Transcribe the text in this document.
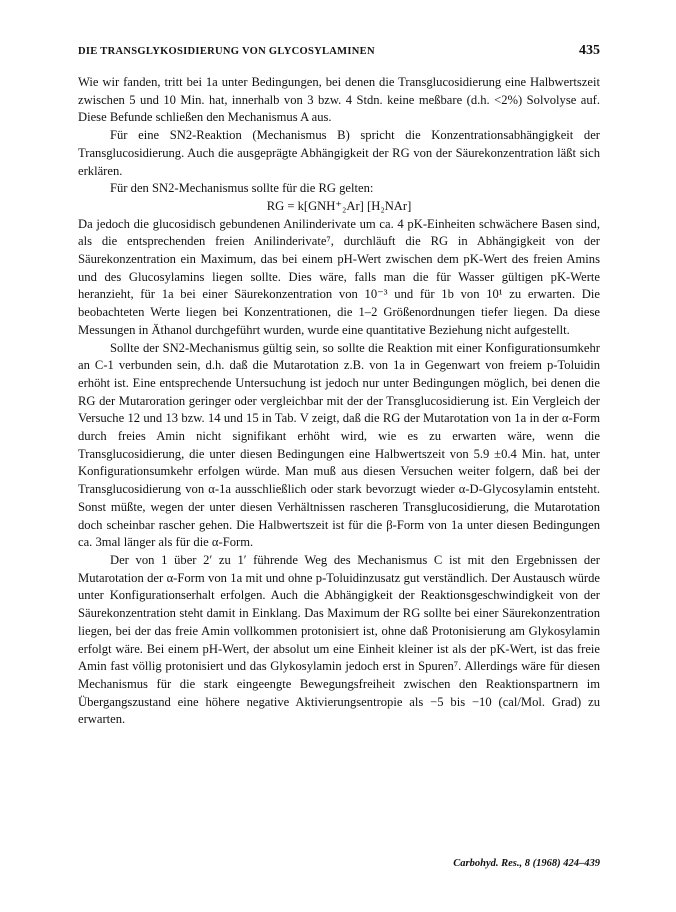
DIE TRANSGLYKOSIDIERUNG VON GLYCOSYLAMINEN	435

Wie wir fanden, tritt bei 1a unter Bedingungen, bei denen die Transglucosidierung eine Halbwertszeit zwischen 5 und 10 Min. hat, innerhalb von 3 bzw. 4 Stdn. keine meßbare (d.h. <2%) Solvolyse auf. Diese Befunde schließen den Mechanismus A aus.

Für eine SN2-Reaktion (Mechanismus B) spricht die Konzentrationsabhängigkeit der Transglucosidierung. Auch die ausgeprägte Abhängigkeit der RG von der Säurekonzentration läßt sich erklären.

Für den SN2-Mechanismus sollte für die RG gelten:

RG = k[GNH⁺₂Ar] [H₂NAr]

Da jedoch die glucosidisch gebundenen Anilinderivate um ca. 4 pK-Einheiten schwächere Basen sind, als die entsprechenden freien Anilinderivate⁷, durchläuft die RG in Abhängigkeit von der Säurekonzentration ein Maximum, das bei einem pH-Wert zwischen dem pK-Wert des freien Amins und des Glucosylamins liegen sollte. Dies wäre, falls man die für Wasser gültigen pK-Werte heranzieht, für 1a bei einer Säurekonzentration von 10⁻³ und für 1b von 10¹ zu erwarten. Die beobachteten Werte liegen bei Konzentrationen, die 1–2 Größenordnungen tiefer liegen. Da diese Messungen in Äthanol durchgeführt wurden, wurde eine quantitative Beziehung nicht aufgestellt.

Sollte der SN2-Mechanismus gültig sein, so sollte die Reaktion mit einer Konfigurationsumkehr an C-1 verbunden sein, d.h. daß die Mutarotation z.B. von 1a in Gegenwart von freiem p-Toluidin erhöht ist. Eine entsprechende Untersuchung ist jedoch nur unter Bedingungen möglich, bei denen die RG der Mutaroration geringer oder vergleichbar mit der der Transglucosidierung ist. Ein Vergleich der Versuche 12 und 13 bzw. 14 und 15 in Tab. V zeigt, daß die RG der Mutarotation von 1a in der α-Form durch freies Amin nicht signifikant erhöht wird, wie es zu erwarten wäre, wenn die Transglucosidierung, die unter diesen Bedingungen eine Halbwertszeit von 5.9 ±0.4 Min. hat, unter Konfigurationsumkehr erfolgen würde. Man muß aus diesen Versuchen weiter folgern, daß bei der Transglucosidierung von α-1a ausschließlich oder stark bevorzugt wieder α-D-Glycosylamin entsteht. Sonst müßte, wegen der unter diesen Verhältnissen rascheren Transglucosidierung, die Mutarotation doch scheinbar rascher gehen. Die Halbwertszeit ist für die β-Form von 1a unter diesen Bedingungen ca. 3mal länger als für die α-Form.

Der von 1 über 2′ zu 1′ führende Weg des Mechanismus C ist mit den Ergebnissen der Mutarotation der α-Form von 1a mit und ohne p-Toluidinzusatz gut verständlich. Der Austausch würde unter Konfigurationserhalt erfolgen. Auch die Abhängigkeit der Reaktionsgeschwindigkeit von der Säurekonzentration steht damit in Einklang. Das Maximum der RG sollte bei einer Säurekonzentration liegen, bei der das freie Amin vollkommen protonisiert ist, ohne daß Protonisierung am Glykosylamin erfolgt wäre. Bei einem pH-Wert, der absolut um eine Einheit kleiner ist als der pK-Wert, ist das freie Amin fast völlig protonisiert und das Glykosylamin jedoch erst in Spuren⁷. Allerdings wäre für diesen Mechanismus für die stark eingeengte Bewegungsfreiheit zwischen den Reaktionspartnern im Übergangszustand eine höhere negative Aktivierungsentropie als −5 bis −10 (cal/Mol. Grad) zu erwarten.

Carbohyd. Res., 8 (1968) 424–439
